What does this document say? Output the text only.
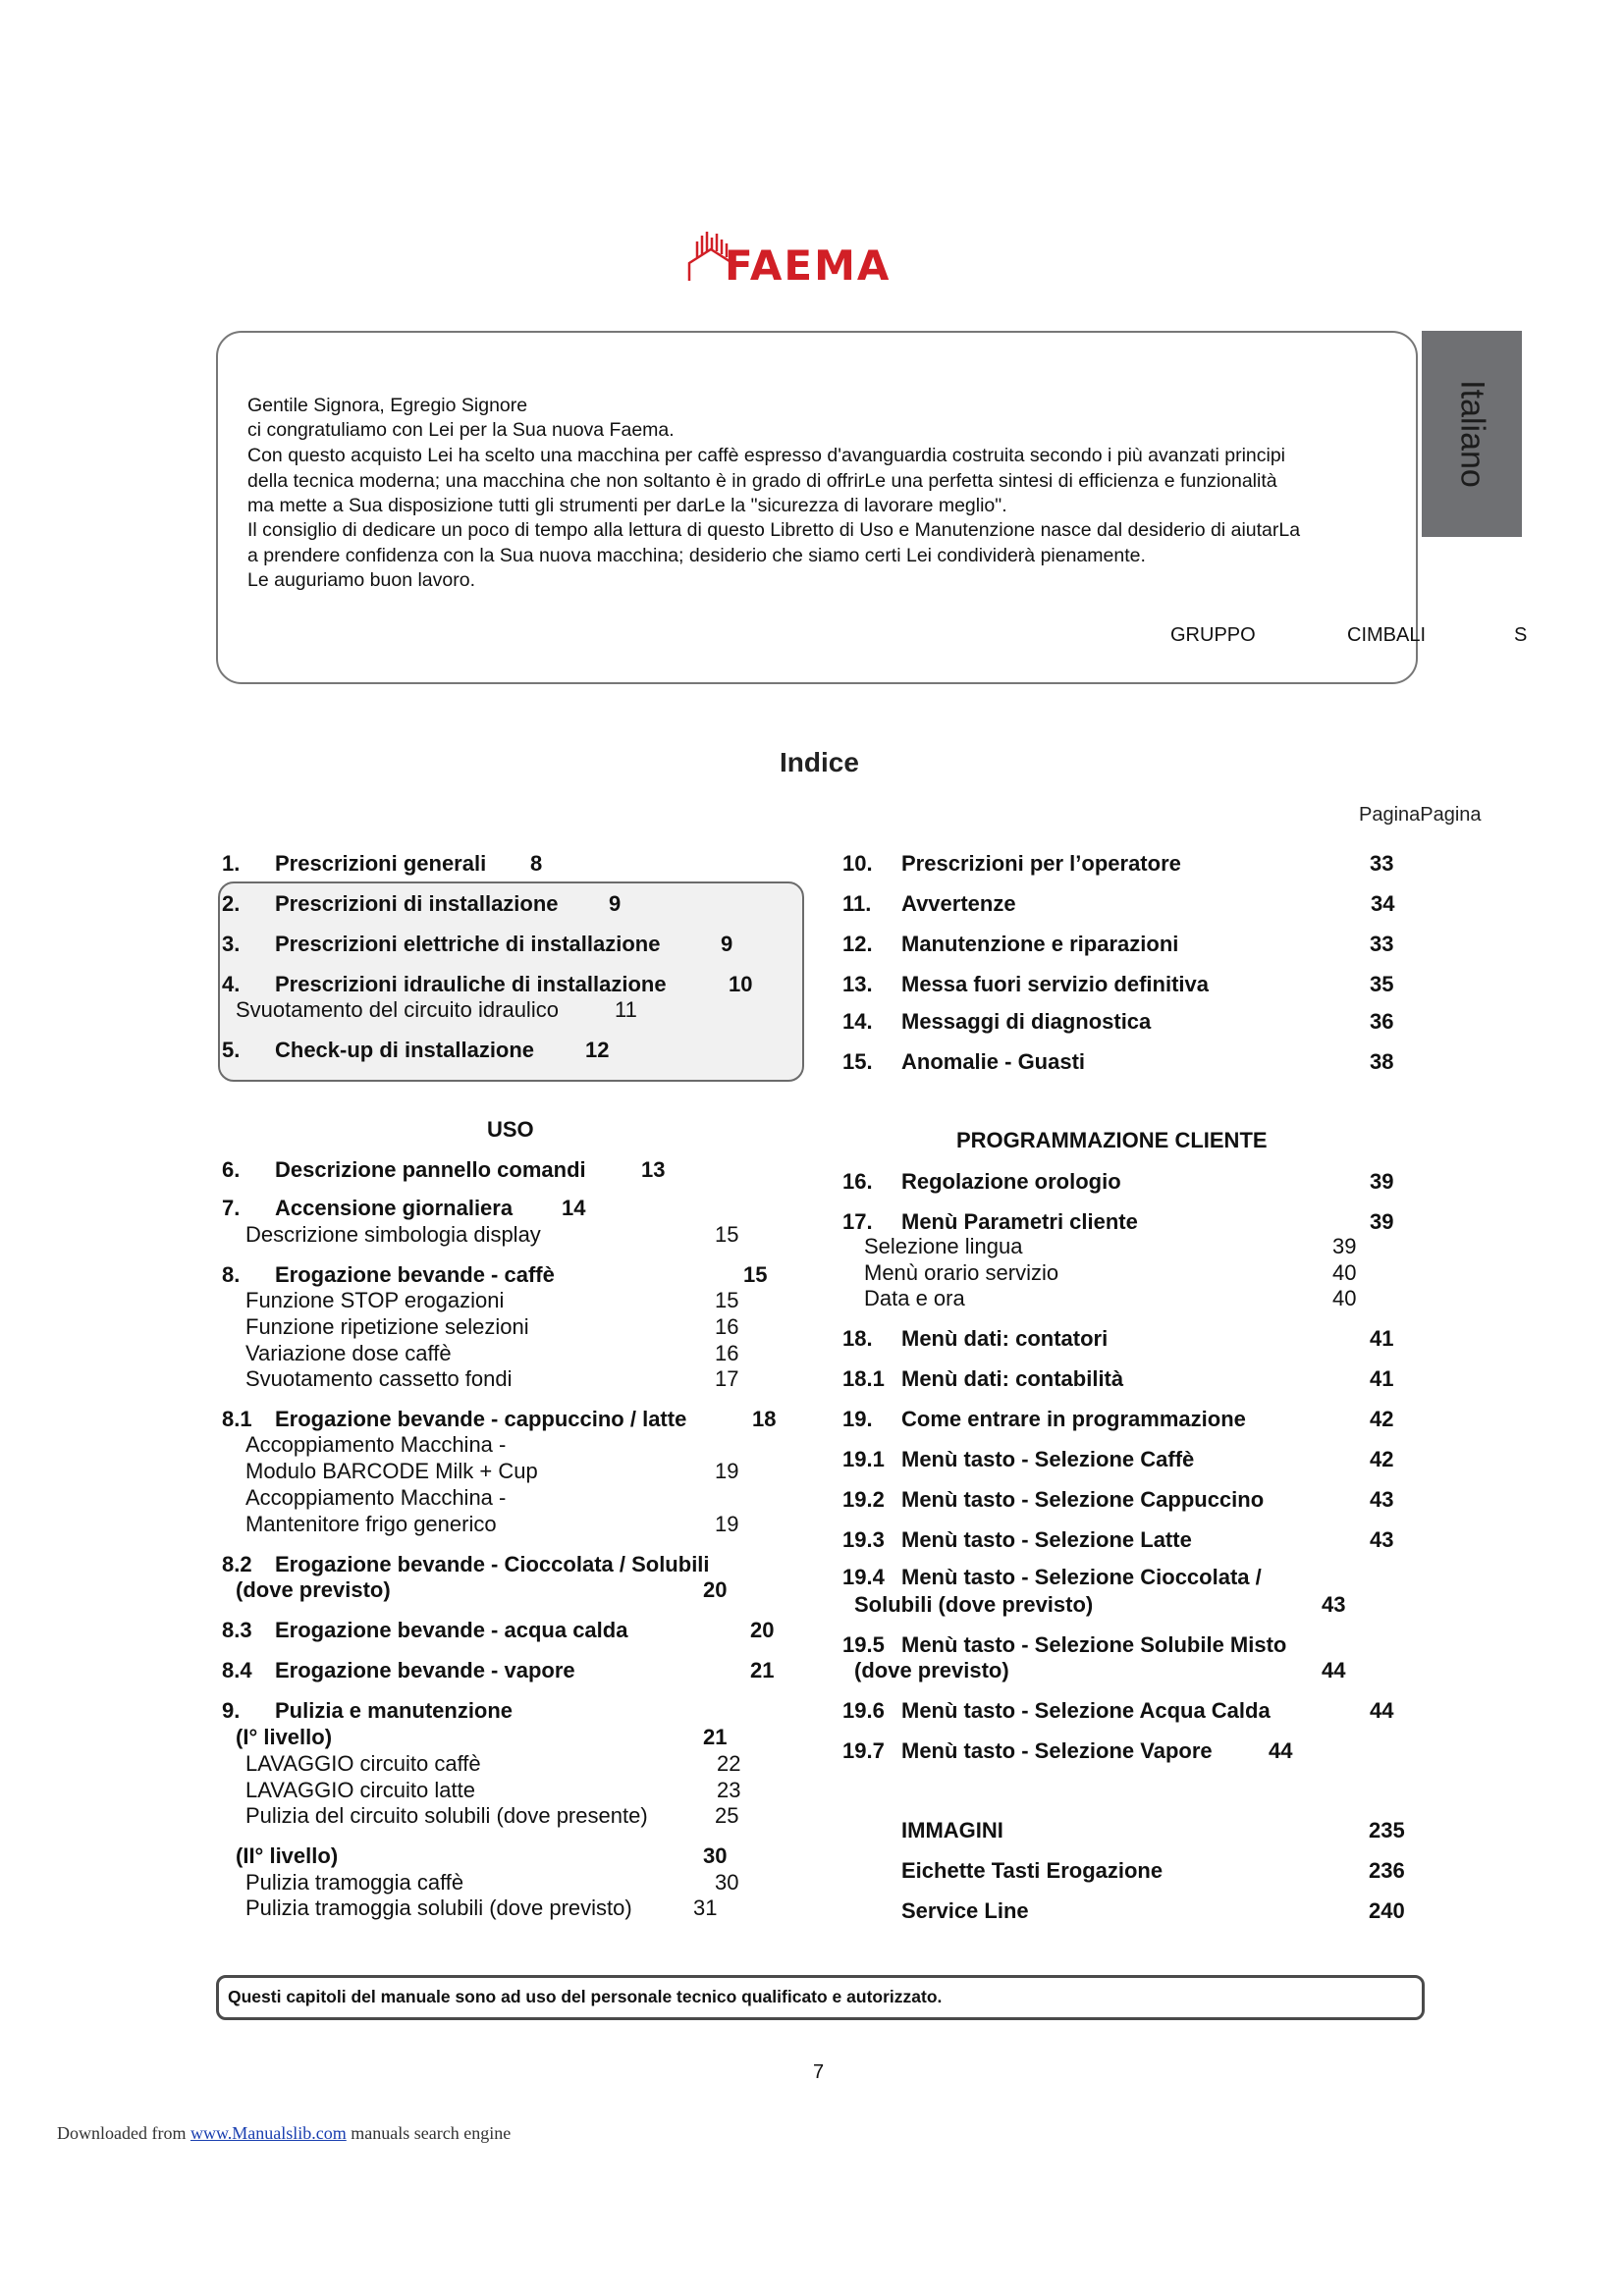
FAEMA
Italiano
Gentile Signora, Egregio Signore
ci congratuliamo con Lei per la Sua nuova Faema.
Con questo acquisto Lei ha scelto una macchina per caffè espresso d'avanguardia costruita secondo i più avanzati principi
della tecnica moderna; una macchina che non soltanto è in grado di offrirLe una perfetta sintesi di efficienza e funzionalità
ma mette a Sua disposizione tutti gli strumenti per darLe la "sicurezza di lavorare meglio".
Il consiglio di dedicare un poco di tempo alla lettura di questo Libretto di Uso e Manutenzione nasce dal desiderio di aiutarLa
a prendere confidenza con la Sua nuova macchina; desiderio che siamo certi Lei condividerà pienamente.
Le auguriamo buon lavoro.
GRUPPO	CIMBALI	S
Indice
PaginaPagina
1. Prescrizioni generali 8
2. Prescrizioni di installazione 9
3. Prescrizioni elettriche di installazione	9
4. Prescrizioni idrauliche di installazione	10
Svuotamento del circuito idraulico	11
5. Check-up di installazione 12
USO
6. Descrizione pannello comandi	13
7. Accensione giornaliera 14
Descrizione simbologia display	15
8. Erogazione bevande - caffè	15
Funzione STOP erogazioni	15
Funzione ripetizione selezioni	16
Variazione dose caffè	16
Svuotamento cassetto fondi	17
8.1 Erogazione bevande - cappuccino / latte	18
Accoppiamento Macchina -
Modulo BARCODE Milk + Cup	19
Accoppiamento Macchina -
Mantenitore frigo generico	19
8.2 Erogazione bevande - Cioccolata / Solubili
(dove previsto)	20
8.3 Erogazione bevande - acqua calda	20
8.4 Erogazione bevande - vapore	21
9. Pulizia e manutenzione
(I° livello)	21
LAVAGGIO circuito caffè	22
LAVAGGIO circuito latte	23
Pulizia del circuito solubili (dove presente)	25
(II° livello)	30
Pulizia tramoggia caffè	30
Pulizia tramoggia solubili (dove previsto)	31
10. Prescrizioni per l’operatore	33
11. Avvertenze	34
12. Manutenzione e riparazioni	33
13. Messa fuori servizio definitiva	35
14. Messaggi di diagnostica	36
15. Anomalie - Guasti	38
PROGRAMMAZIONE CLIENTE
16. Regolazione orologio	39
17. Menù Parametri cliente	39
Selezione lingua	39
Menù orario servizio	40
Data e ora	40
18. Menù dati: contatori	41
18.1 Menù dati: contabilità	41
19. Come entrare in programmazione	42
19.1 Menù tasto - Selezione Caffè	42
19.2 Menù tasto - Selezione Cappuccino	43
19.3 Menù tasto - Selezione Latte	43
19.4 Menù tasto - Selezione Cioccolata /
Solubili (dove previsto)	43
19.5 Menù tasto - Selezione Solubile Misto
(dove previsto)	44
19.6 Menù tasto - Selezione Acqua Calda	44
19.7 Menù tasto - Selezione Vapore	44
IMMAGINI	235
Eichette Tasti Erogazione	236
Service Line	240
Questi capitoli del manuale sono ad uso del personale tecnico qualificato e autorizzato.
7
Downloaded from www.Manualslib.com manuals search engine
